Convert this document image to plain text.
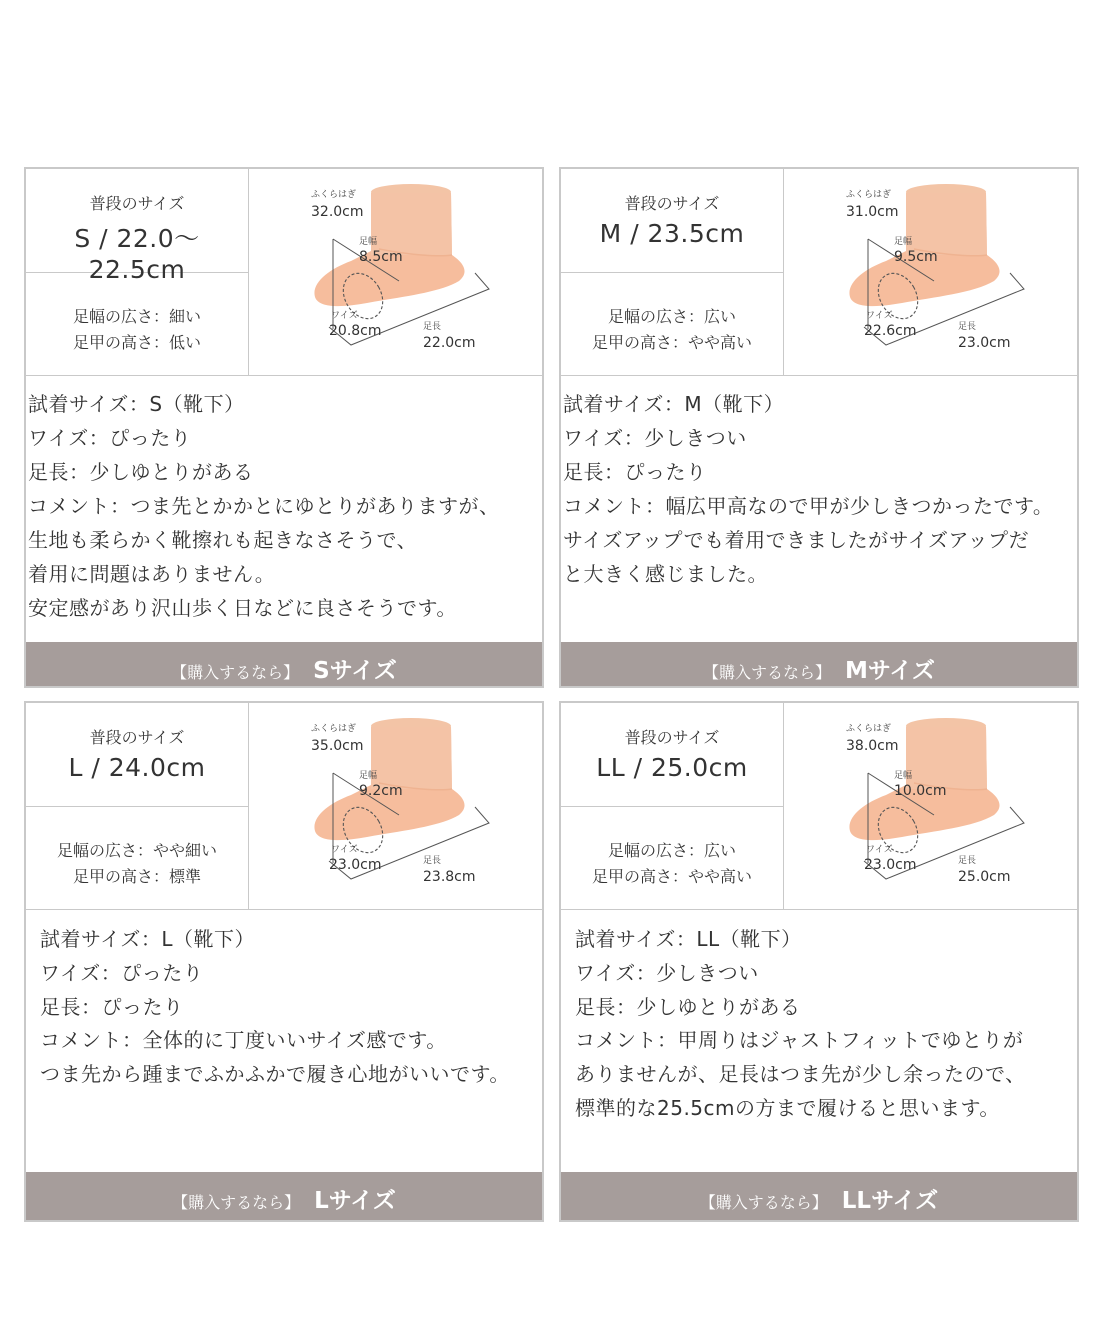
普段のサイズ
S / 22.0〜22.5cm
足幅の広さ：細い
足甲の高さ：低い
ふくらはぎ
32.0cm
足幅
8.5cm
ワイズ
20.8cm	足長
22.0cm
試着サイズ：S（靴下）
ワイズ：ぴったり
足長：少しゆとりがある
コメント：つま先とかかとにゆとりがありますが、
生地も柔らかく靴擦れも起きなさそうで、
着用に問題はありません。
安定感があり沢山歩く日などに良さそうです。
【購入するなら】 Sサイズ
普段のサイズ
M / 23.5cm
足幅の広さ：広い
足甲の高さ：やや高い
ふくらはぎ
31.0cm
足幅
9.5cm
ワイズ
22.6cm	足長
23.0cm
試着サイズ：M（靴下）
ワイズ：少しきつい
足長：ぴったり
コメント：幅広甲高なので甲が少しきつかったです。
サイズアップでも着用できましたがサイズアップだ
と大きく感じました。
【購入するなら】 Mサイズ
普段のサイズ
L / 24.0cm
足幅の広さ：やや細い
足甲の高さ：標準
ふくらはぎ
35.0cm
足幅
9.2cm
ワイズ
23.0cm	足長
23.8cm
試着サイズ：L（靴下）
ワイズ：ぴったり
足長：ぴったり
コメント：全体的に丁度いいサイズ感です。
つま先から踵までふかふかで履き心地がいいです。
【購入するなら】 Lサイズ
普段のサイズ
LL / 25.0cm
足幅の広さ：広い
足甲の高さ：やや高い
ふくらはぎ
38.0cm
足幅
10.0cm
ワイズ
23.0cm	足長
25.0cm
試着サイズ：LL（靴下）
ワイズ：少しきつい
足長：少しゆとりがある
コメント：甲周りはジャストフィットでゆとりが
ありませんが、足長はつま先が少し余ったので、
標準的な25.5cmの方まで履けると思います。
【購入するなら】 LLサイズ
